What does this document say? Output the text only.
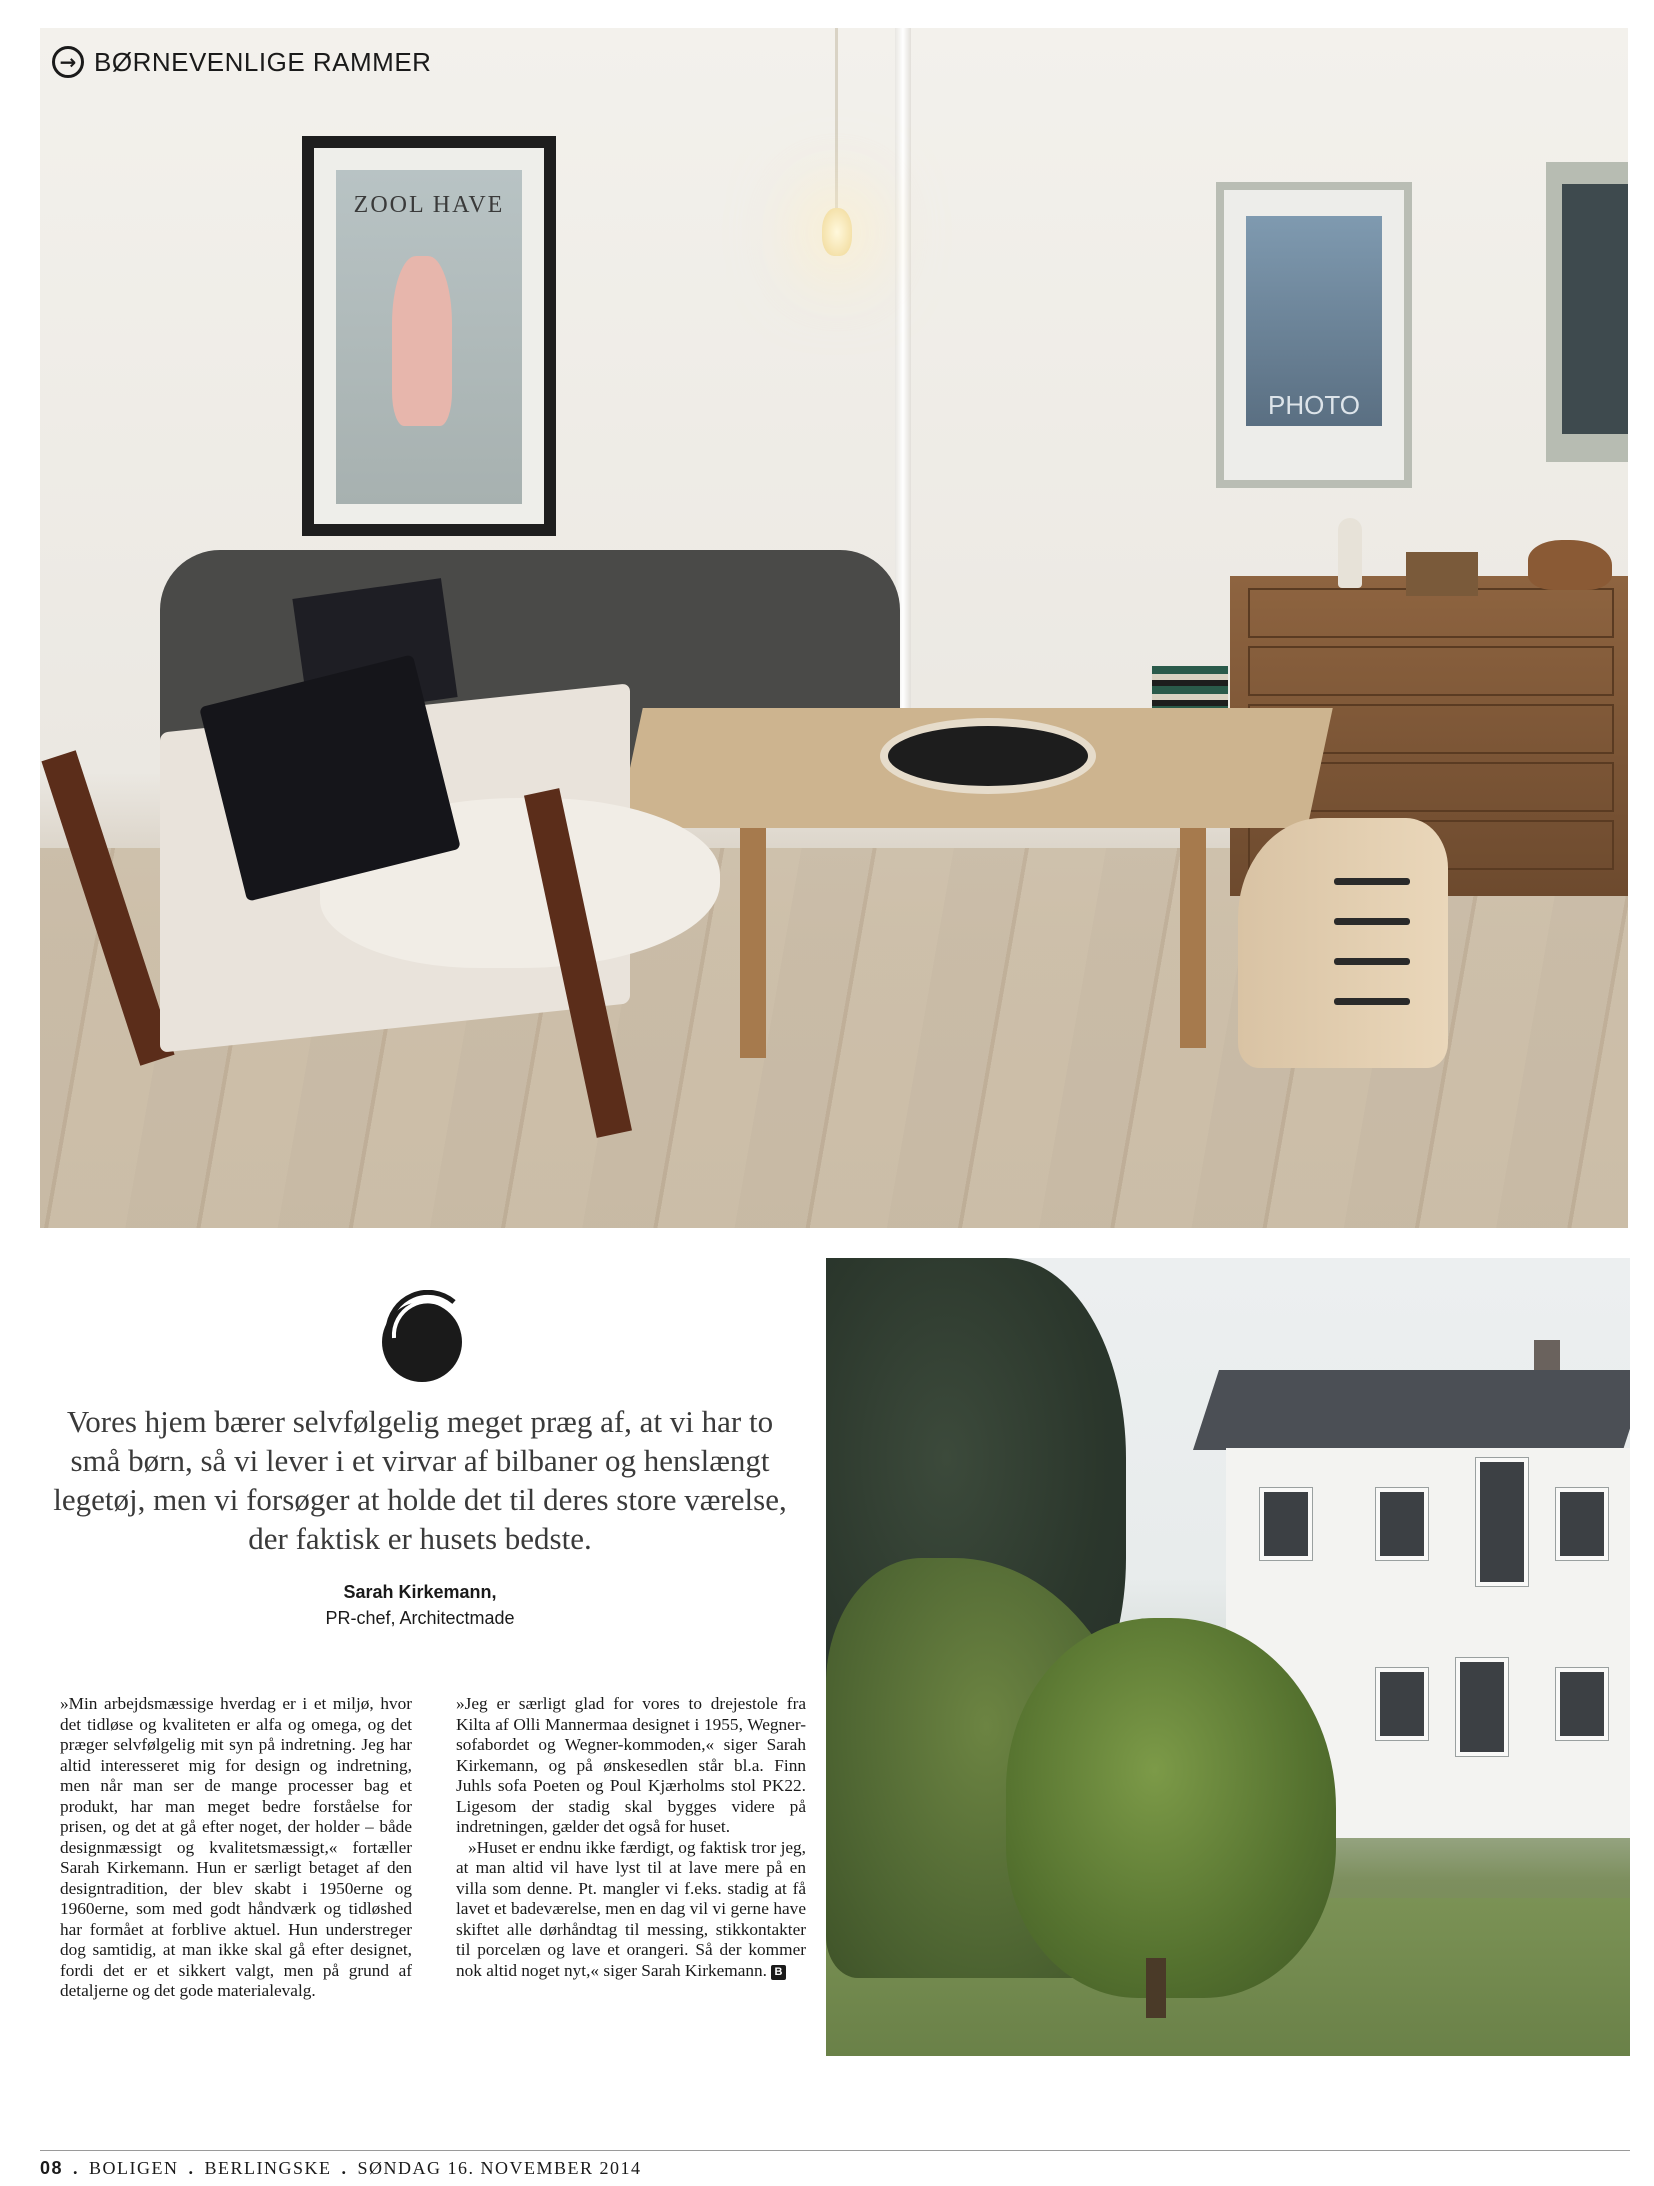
ZOOL HAVE
PHOTO
→ BØRNEVENLIGE RAMMER
Vores hjem bærer selvfølgelig meget præg af, at vi har to små børn, så vi lever i et virvar af bilbaner og henslængt legetøj, men vi forsøger at holde det til deres store værelse, der faktisk er husets bedste.
Sarah Kirkemann,
PR-chef, Architectmade

»Min arbejdsmæssige hverdag er i et miljø, hvor det tidløse og kvaliteten er alfa og omega, og det præger selvfølgelig mit syn på indretning. Jeg har altid interesseret mig for design og indretning, men når man ser de mange processer bag et produkt, har man meget bedre forståelse for prisen, og det at gå efter noget, der holder – både designmæssigt og kvalitetsmæssigt,« fortæller Sarah Kirkemann. Hun er særligt betaget af den designtradition, der blev skabt i 1950erne og 1960erne, som med godt håndværk og tidløshed har formået at forblive aktuel. Hun understreger dog samtidig, at man ikke skal gå efter designet, fordi det er et sikkert valgt, men på grund af detaljerne og det gode materialevalg.

»Jeg er særligt glad for vores to drejestole fra Kilta af Olli Mannermaa designet i 1955, Wegner-sofabordet og Wegner-kommoden,« siger Sarah Kirkemann, og på ønskesedlen står bl.a. Finn Juhls sofa Poeten og Poul Kjærholms stol PK22. Ligesom der stadig skal bygges videre på indretningen, gælder det også for huset.

»Huset er endnu ikke færdigt, og faktisk tror jeg, at man altid vil have lyst til at lave mere på en villa som denne. Pt. mangler vi f.eks. stadig at få lavet et badeværelse, men en dag vil vi gerne have skiftet alle dørhåndtag til messing, stikkontakter til porcelæn og lave et orangeri. Så der kommer nok altid noget nyt,« siger Sarah Kirkemann. B

08 . BOLIGEN . BERLINGSKE . SØNDAG 16. NOVEMBER 2014
